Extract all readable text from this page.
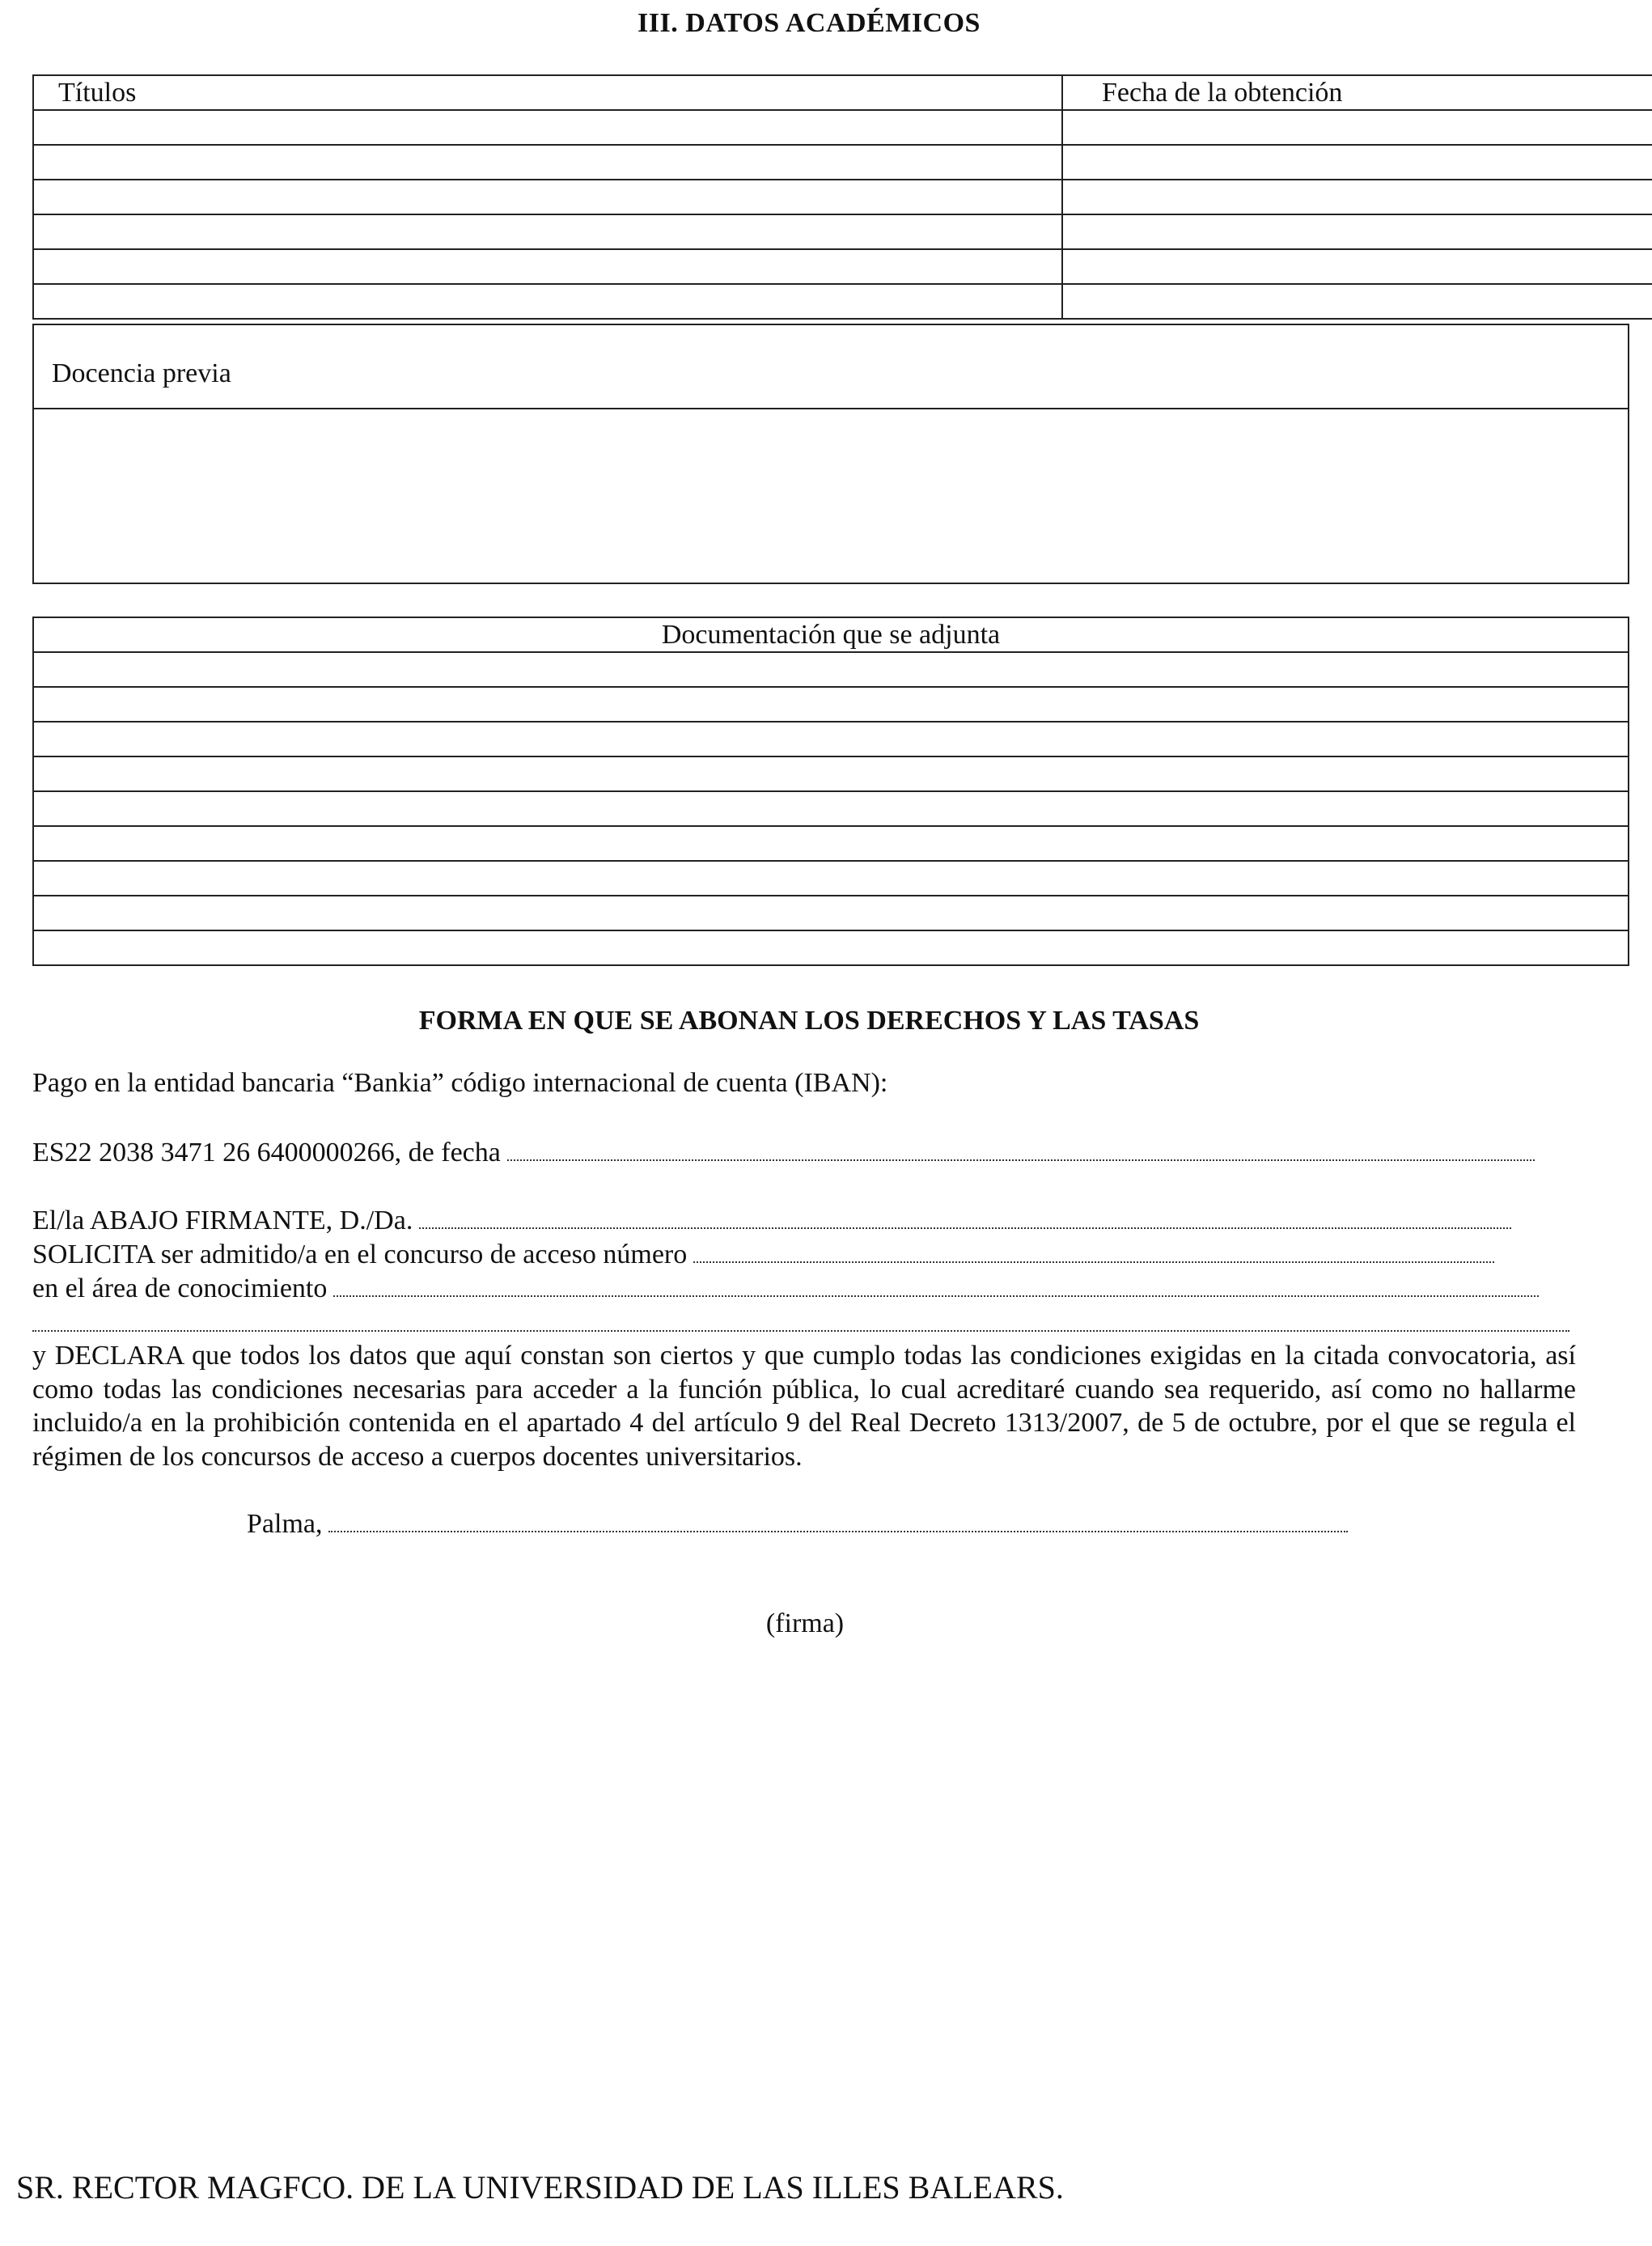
III. DATOS ACADÉMICOS
Títulos	Fecha de la obtención

Docencia previa
Documentación que se adjunta

FORMA EN QUE SE ABONAN LOS DERECHOS Y LAS TASAS
Pago en la entidad bancaria “Bankia” código internacional de cuenta (IBAN):
ES22 2038 3471 26 6400000266, de fecha
El/la ABAJO FIRMANTE, D./Da.
SOLICITA ser admitido/a en el concurso de acceso número
en el área de conocimiento
y DECLARA que todos los datos que aquí constan son ciertos y que cumplo todas las condiciones exigidas en la citada convocatoria, así como todas las condiciones necesarias para acceder a la función pública, lo cual acreditaré cuando sea requerido, así como no hallarme incluido/a en la prohibición contenida en el apartado 4 del artículo 9 del Real Decreto 1313/2007, de 5 de octubre, por el que se regula el régimen de los concursos de acceso a cuerpos docentes universitarios.
Palma,
(firma)
SR. RECTOR MAGFCO. DE LA UNIVERSIDAD DE LAS ILLES BALEARS.
